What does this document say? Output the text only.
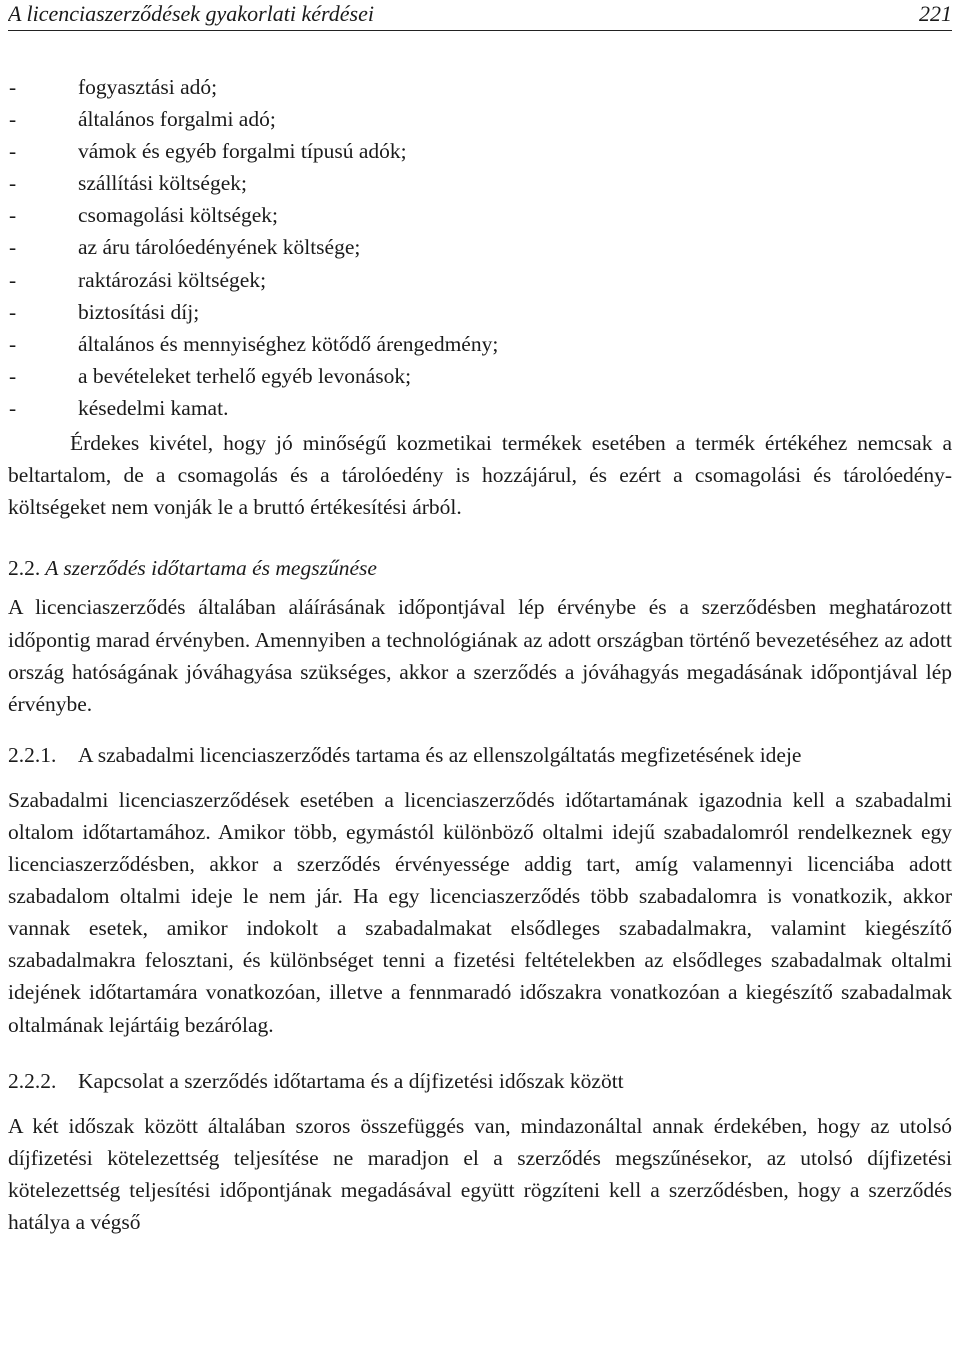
A licenciaszerződések gyakorlati kérdései	221
-	fogyasztási adó;
-	általános forgalmi adó;
-	vámok és egyéb forgalmi típusú adók;
-	szállítási költségek;
-	csomagolási költségek;
-	az áru tárolóedényének költsége;
-	raktározási költségek;
-	biztosítási díj;
-	általános és mennyiséghez kötődő árengedmény;
-	a bevételeket terhelő egyéb levonások;
-	késedelmi kamat.

Érdekes kivétel, hogy jó minőségű kozmetikai termékek esetében a termék értékéhez nemcsak a beltartalom, de a csomagolás és a tárolóedény is hozzájárul, és ezért a csomagolási és tárolóedény-költségeket nem vonják le a bruttó értékesítési árból.

2.2. A szerződés időtartama és megszűnése

A licenciaszerződés általában aláírásának időpontjával lép érvénybe és a szerződésben meghatározott időpontig marad érvényben. Amennyiben a technológiának az adott országban történő bevezetéséhez az adott ország hatóságának jóváhagyása szükséges, akkor a szerződés a jóváhagyás megadásának időpontjával lép érvénybe.

2.2.1.	A szabadalmi licenciaszerződés tartama és az ellenszolgáltatás megfizetésének ideje

Szabadalmi licenciaszerződések esetében a licenciaszerződés időtartamának igazodnia kell a szabadalmi oltalom időtartamához. Amikor több, egymástól különböző oltalmi idejű szabadalomról rendelkeznek egy licenciaszerződésben, akkor a szerződés érvényessége addig tart, amíg valamennyi licenciába adott szabadalom oltalmi ideje le nem jár. Ha egy licenciaszerződés több szabadalomra is vonatkozik, akkor vannak esetek, amikor indokolt a szabadalmakat elsődleges szabadalmakra, valamint kiegészítő szabadalmakra felosztani, és különbséget tenni a fizetési feltételekben az elsődleges szabadalmak oltalmi idejének időtartamára vonatkozóan, illetve a fennmaradó időszakra vonatkozóan a kiegészítő szabadalmak oltalmának lejártáig bezárólag.

2.2.2.	Kapcsolat a szerződés időtartama és a díjfizetési időszak között

A két időszak között általában szoros összefüggés van, mindazonáltal annak érdekében, hogy az utolsó díjfizetési kötelezettség teljesítése ne maradjon el a szerződés megszűnésekor, az utolsó díjfizetési kötelezettség teljesítési időpontjának megadásával együtt rögzíteni kell a szerződésben, hogy a szerződés hatálya a végső
